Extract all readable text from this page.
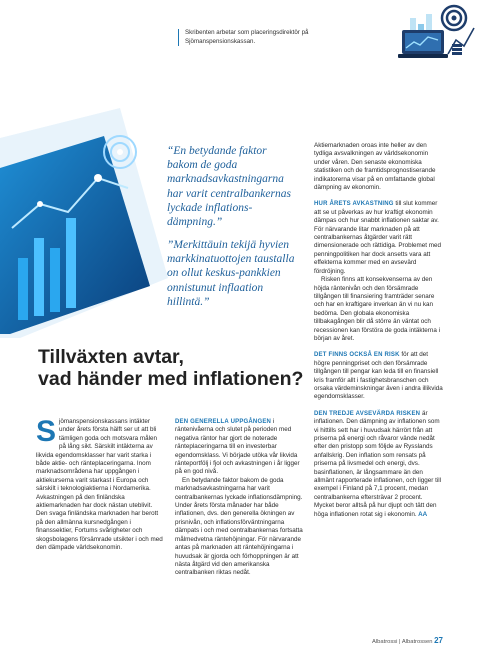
Skribenten arbetar som placeringsdirektör på Sjömanspensionskassan.
“En betydande faktor bakom de goda marknadsavkastningarna har varit centralbankernas lyckade inflations-dämpning.”
”Merkittäuin tekijä hyvien markkinatuottojen taustalla on ollut keskus-pankkien onnistunut inflaation hillintä.”
Tillväxten avtar,
vad händer med inflationen?
S jömanspensionskassans intäkter under årets första hälft ser ut att bli tämligen goda och motsvara målen på lång sikt. Särskilt intäkterna av likvida egendomsklasser har varit starka i både aktie- och ränteplaceringarna. Inom marknadsområdena har uppgången i aktiekurserna varit starkast i Europa och särskilt i teknologiaktierna i Nordamerika. Avkastningen på den finländska aktiemarknaden har dock nästan uteblivit. Den svaga finländska marknaden har berott på den allmänna kursnedgången i finanssektier, Fortums svårigheter och skogsbolagens försämrade utsikter i och med den dämpade världsekonomin.

DEN GENERELLA UPPGÅNGEN i räntenivåerna och slutet på perioden med negativa räntor har gjort de noterade ränteplaceringarna till en investerbar egendomsklass. Vi började utöka vår likvida ränteportfölj i fjol och avkastningen i år ligger på en god nivå.

En betydande faktor bakom de goda marknadsavkastningarna har varit centralbankernas lyckade inflationsdämpning. Under årets första månader har både inflationen, dvs. den generella ökningen av prisnivån, och inflationsförväntningarna dämpats i och med centralbankernas fortsatta målmedvetna räntehöjningar. För närvarande antas på marknaden att räntehöjningarna i huvudsak är gjorda och förhoppningen är att nästa åtgärd vid den amerikanska centralbanken riktas nedåt.

Aktiemarknaden oroas inte heller av den tydliga avsvalkningen av världsekonomin under våren. Den senaste ekonomiska statistiken och de framtidsprognostiserande indikatorerna visar på en omfattande global dämpning av ekonomin.

HUR ÅRETS AVKASTNING till slut kommer att se ut påverkas av hur kraftigt ekonomin dämpas och hur snabbt inflationen saktar av. För närvarande litar marknaden på att centralbankernas åtgärder varit rätt dimensionerade och rättidiga. Problemet med penningpolitiken har dock ansetts vara att effekterna kommer med en avsevärd fördröjning.

Risken finns att konsekvenserna av den höjda räntenivån och den försämrade tillgången till finansiering framträder senare och har en kraftigare inverkan än vi nu kan bedöma. Den globala ekonomiska tillbakagången blir då större än väntat och recessionen kan förstöra de goda intäkterna i början av året.

DET FINNS OCKSÅ EN RISK för att det högre penningpriset och den försämrade tillgången till pengar kan leda till en finansiell kris framför allt i fastighetsbranschen och orsaka värdeminskningar även i andra illikvida egendomsklasser.

DEN TREDJE AVSEVÄRDA RISKEN är inflationen. Den dämpning av inflationen som vi hittills sett har i huvudsak härrört från att priserna på energi och råvaror vände nedåt efter den pristopp som följde av Rysslands anfallskrig. Den inflation som rensats på priserna på livsmedel och energi, dvs. basinflationen, är långsammare än den allmänt rapporterade inflationen, och ligger till exempel i Finland på 7,1 procent, medan centralbankerna eftersträvar 2 procent. Mycket beror alltså på hur djupt och tätt den höga inflationen rotat sig i ekonomin. AA

Albatrossi | Albatrossen 27
